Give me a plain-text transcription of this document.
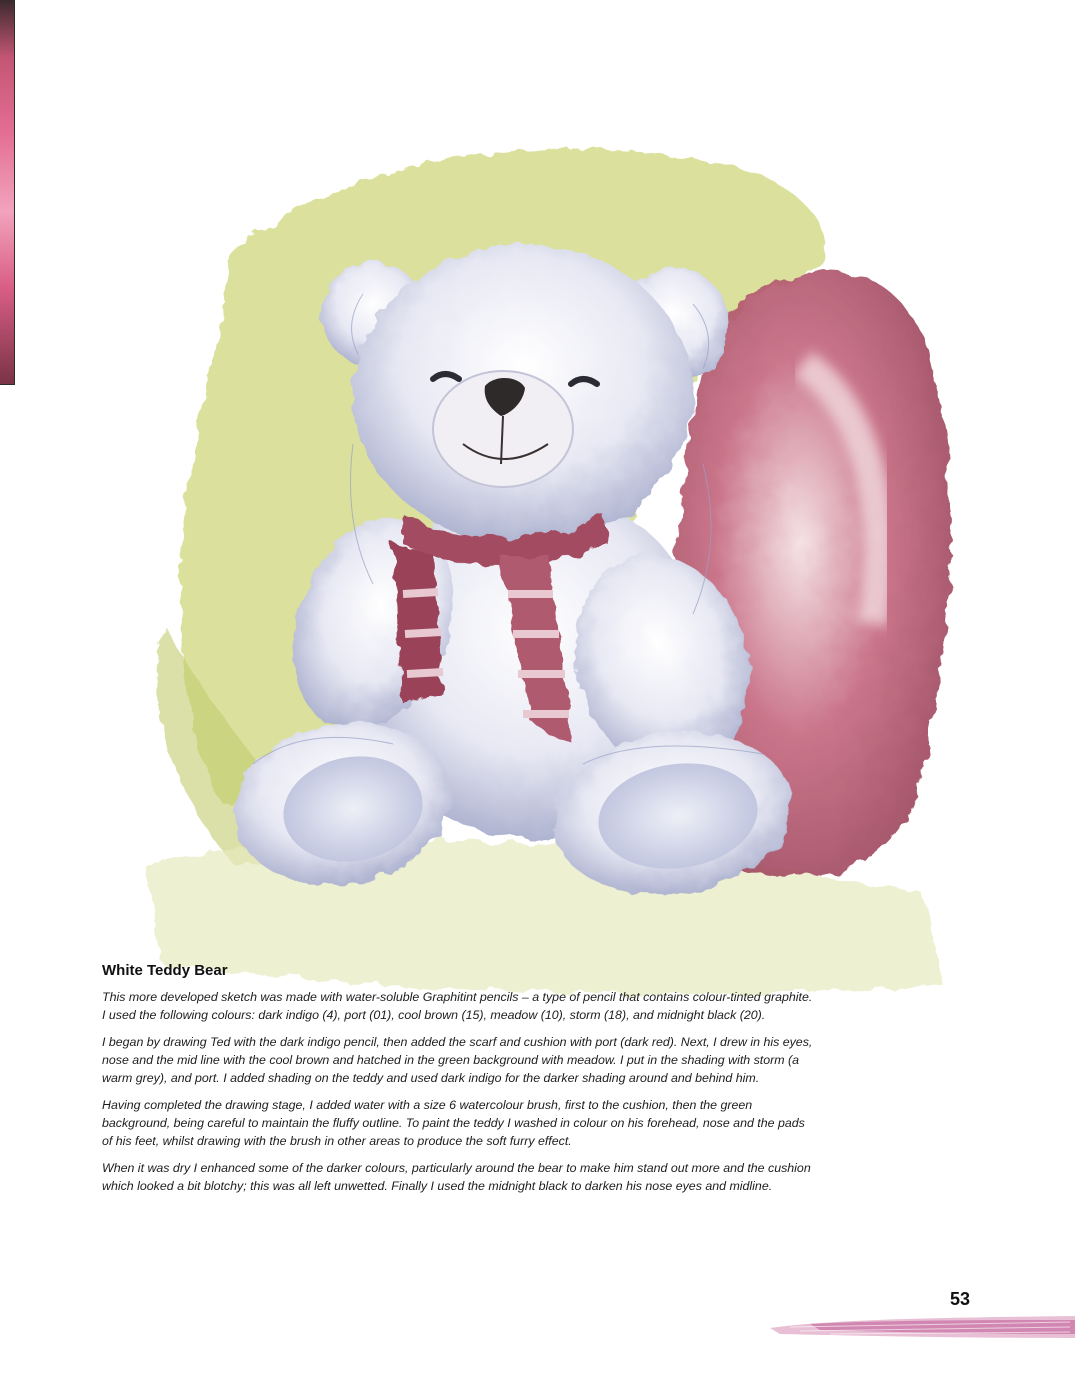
White Teddy Bear

This more developed sketch was made with water-soluble Graphitint pencils – a type of pencil that contains colour-tinted graphite. I used the following colours: dark indigo (4), port (01), cool brown (15), meadow (10), storm (18), and midnight black (20).

I began by drawing Ted with the dark indigo pencil, then added the scarf and cushion with port (dark red). Next, I drew in his eyes, nose and the mid line with the cool brown and hatched in the green background with meadow. I put in the shading with storm (a warm grey), and port. I added shading on the teddy and used dark indigo for the darker shading around and behind him.

Having completed the drawing stage, I added water with a size 6 watercolour brush, first to the cushion, then the green background, being careful to maintain the fluffy outline. To paint the teddy I washed in colour on his forehead, nose and the pads of his feet, whilst drawing with the brush in other areas to produce the soft furry effect.

When it was dry I enhanced some of the darker colours, particularly around the bear to make him stand out more and the cushion which looked a bit blotchy; this was all left unwetted. Finally I used the midnight black to darken his nose eyes and midline.

53
